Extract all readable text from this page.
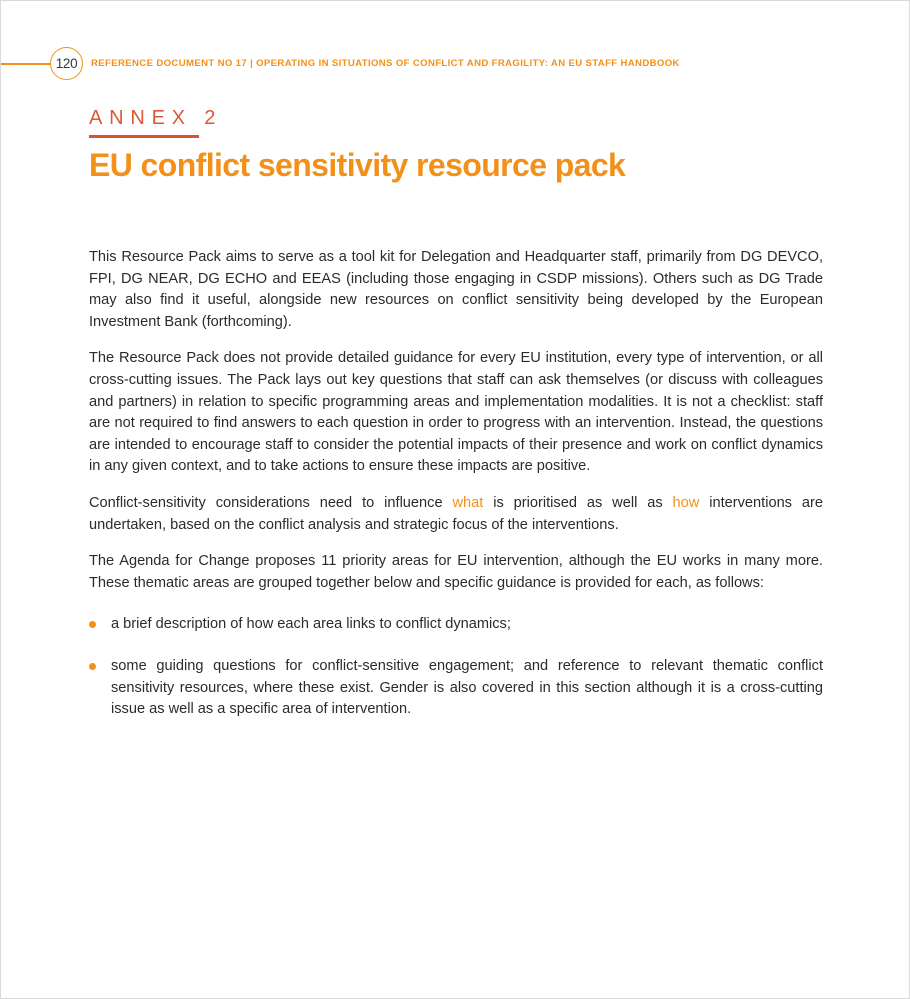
120 REFERENCE DOCUMENT NO 17 | OPERATING IN SITUATIONS OF CONFLICT AND FRAGILITY: AN EU STAFF HANDBOOK
ANNEX 2
EU conflict sensitivity resource pack

This Resource Pack aims to serve as a tool kit for Delegation and Headquarter staff, primarily from DG DEVCO, FPI, DG NEAR, DG ECHO and EEAS (including those engaging in CSDP missions). Others such as DG Trade may also find it useful, alongside new resources on conflict sensitivity being developed by the European Investment Bank (forthcoming).

The Resource Pack does not provide detailed guidance for every EU institution, every type of intervention, or all cross-cutting issues. The Pack lays out key questions that staff can ask themselves (or discuss with colleagues and partners) in relation to specific programming areas and implementation modalities. It is not a checklist: staff are not required to find answers to each question in order to progress with an intervention. Instead, the questions are intended to encourage staff to consider the potential impacts of their presence and work on conflict dynamics in any given context, and to take actions to ensure these impacts are positive.

Conflict-sensitivity considerations need to influence what is prioritised as well as how interventions are undertaken, based on the conflict analysis and strategic focus of the interventions.

The Agenda for Change proposes 11 priority areas for EU intervention, although the EU works in many more. These thematic areas are grouped together below and specific guidance is provided for each, as follows:

a brief description of how each area links to conflict dynamics;

some guiding questions for conflict-sensitive engagement; and reference to relevant thematic conflict sensitivity resources, where these exist. Gender is also covered in this section although it is a cross-cutting issue as well as a specific area of intervention.
